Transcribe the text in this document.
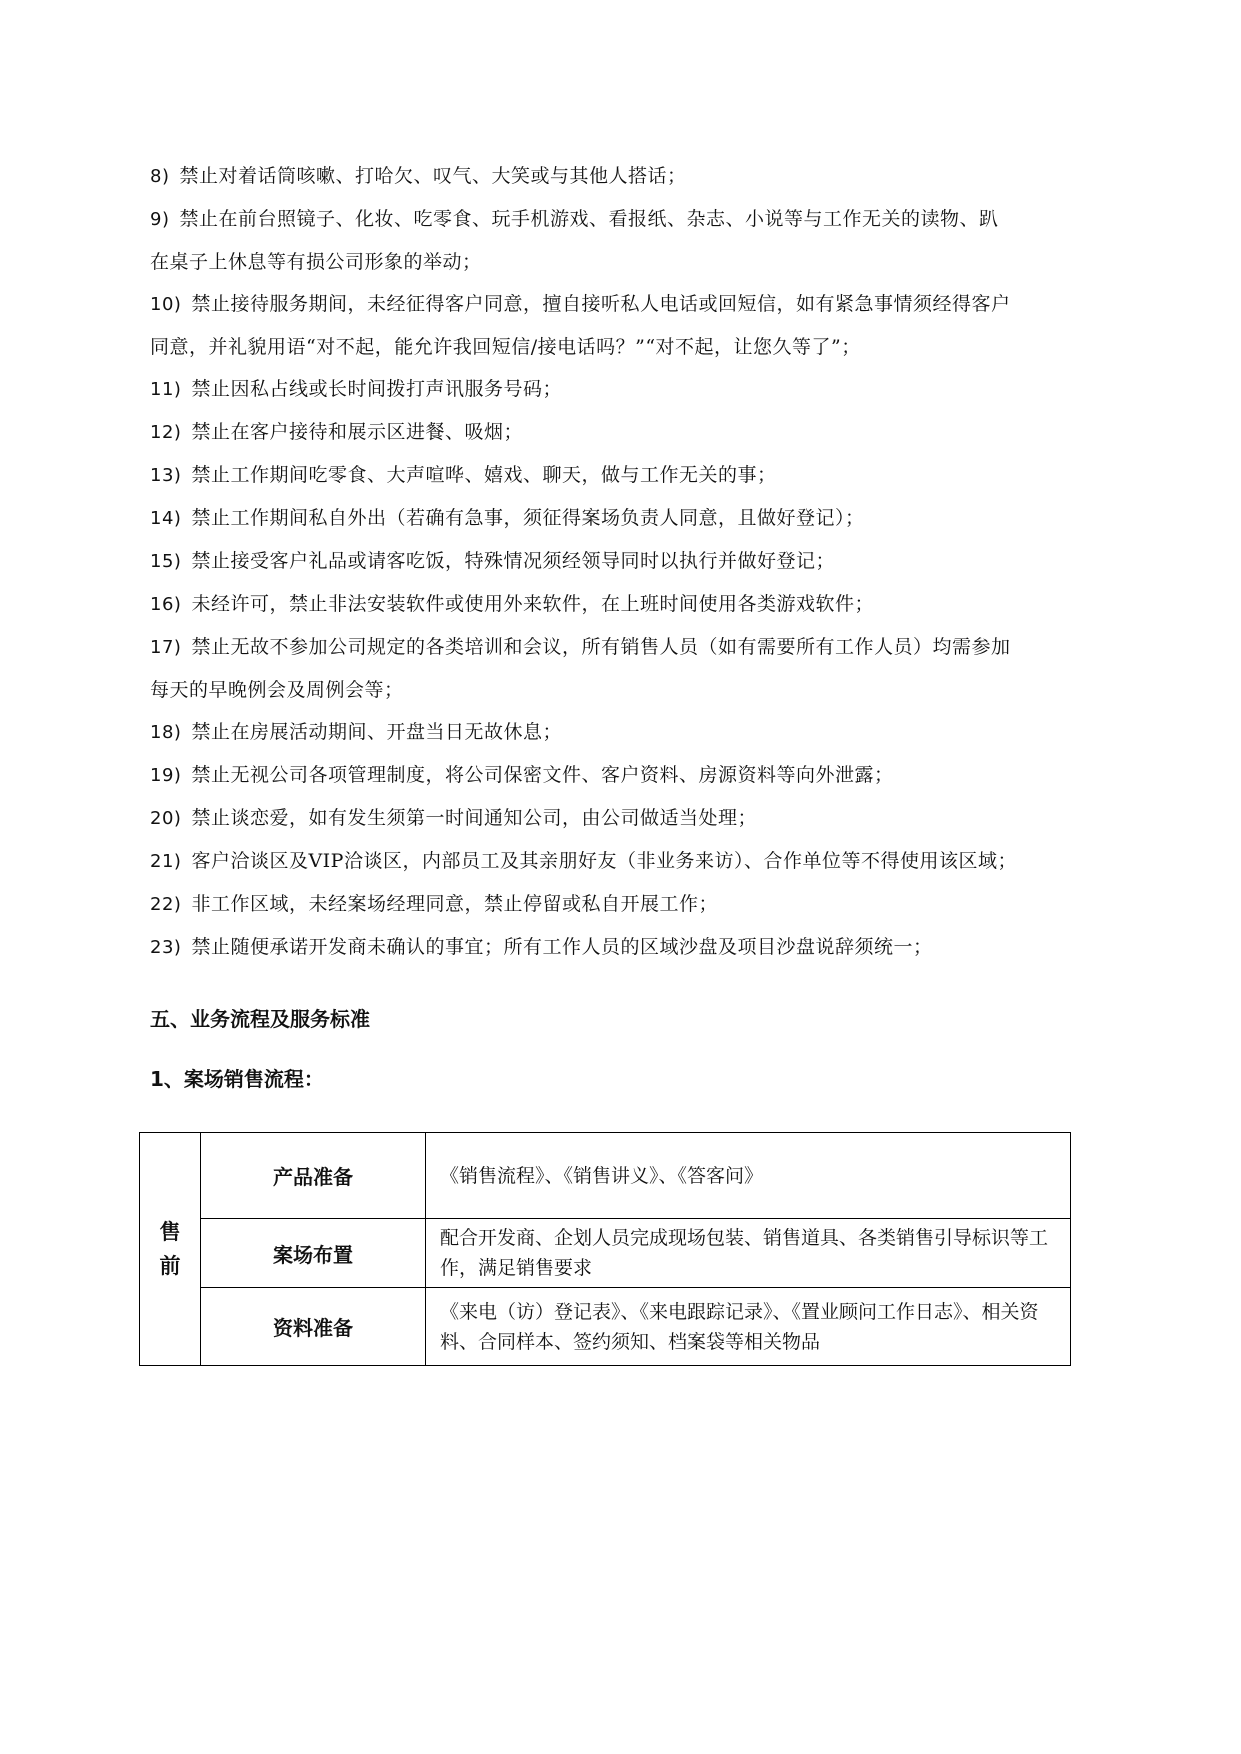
8) 禁止对着话筒咳嗽、打哈欠、叹气、大笑或与其他人搭话；
9) 禁止在前台照镜子、化妆、吃零食、玩手机游戏、看报纸、杂志、小说等与工作无关的读物、趴
在桌子上休息等有损公司形象的举动；
10) 禁止接待服务期间，未经征得客户同意，擅自接听私人电话或回短信，如有紧急事情须经得客户
同意，并礼貌用语“对不起，能允许我回短信/接电话吗？”“对不起，让您久等了”；
11) 禁止因私占线或长时间拨打声讯服务号码；
12) 禁止在客户接待和展示区进餐、吸烟；
13) 禁止工作期间吃零食、大声喧哗、嬉戏、聊天，做与工作无关的事；
14) 禁止工作期间私自外出（若确有急事，须征得案场负责人同意，且做好登记）；
15) 禁止接受客户礼品或请客吃饭，特殊情况须经领导同时以执行并做好登记；
16) 未经许可，禁止非法安装软件或使用外来软件，在上班时间使用各类游戏软件；
17) 禁止无故不参加公司规定的各类培训和会议，所有销售人员（如有需要所有工作人员）均需参加
每天的早晚例会及周例会等；
18) 禁止在房展活动期间、开盘当日无故休息；
19) 禁止无视公司各项管理制度，将公司保密文件、客户资料、房源资料等向外泄露；
20) 禁止谈恋爱，如有发生须第一时间通知公司，由公司做适当处理；
21) 客户洽谈区及VIP洽谈区，内部员工及其亲朋好友（非业务来访）、合作单位等不得使用该区域；
22) 非工作区域，未经案场经理同意，禁止停留或私自开展工作；
23) 禁止随便承诺开发商未确认的事宜；所有工作人员的区域沙盘及项目沙盘说辞须统一；
五、业务流程及服务标准
1、案场销售流程：
售
前	产品准备	《销售流程》、《销售讲义》、《答客问》
	案场布置	配合开发商、企划人员完成现场包装、销售道具、各类销售引导标识等工作，满足销售要求
	资料准备	《来电（访）登记表》、《来电跟踪记录》、《置业顾问工作日志》、相关资料、合同样本、签约须知、档案袋等相关物品
